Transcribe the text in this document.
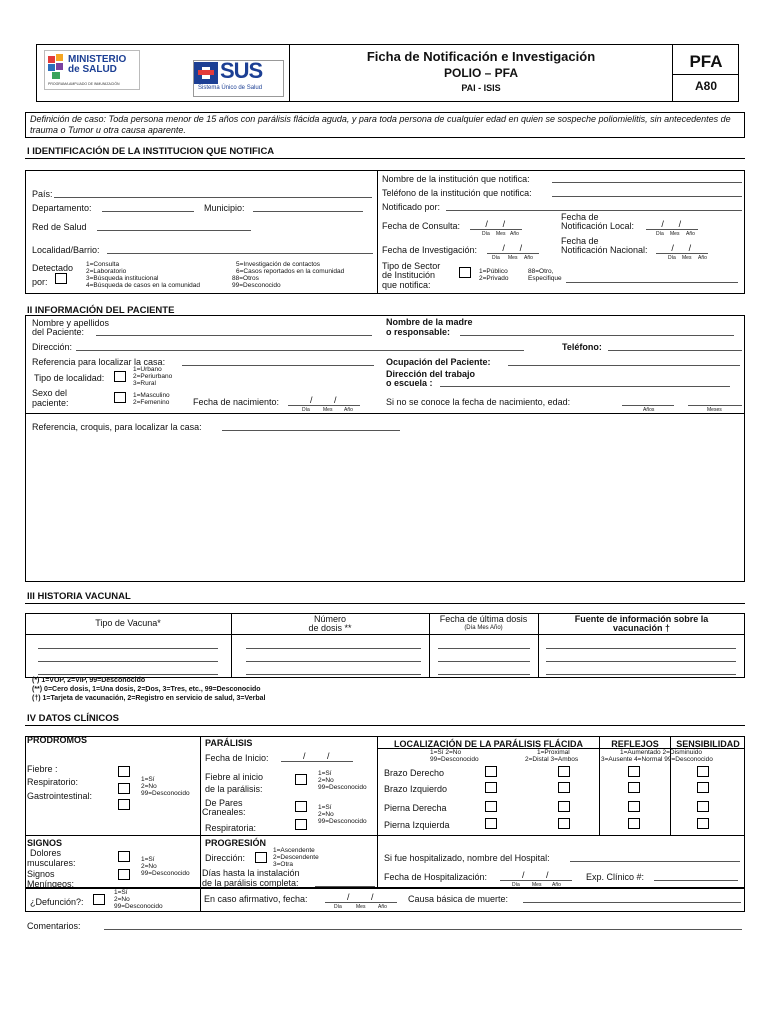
MINISTERIO de SALUD
PROGRAMA AMPLIADO DE INMUNIZACIÓN
SUS
Sistema Único de Salud
Ficha de Notificación e Investigación
POLIO – PFA
PAI - ISIS
PFA
A80
Definición de caso: Toda persona menor de 15 años con parálisis flácida aguda, y para toda persona de cualquier edad en quien se sospeche poliomielitis, sin antecedentes de trauma o Tumor u otra causa aparente.
I IDENTIFICACIÓN DE LA INSTITUCION QUE NOTIFICA
País:
Departamento:	Municipio:
Red de Salud
Localidad/Barrio:
Detectado
por:
1=Consulta
2=Laboratorio
3=Búsqueda institucional
4=Búsqueda de casos en la comunidad
5=Investigación de contactos
6=Casos reportados en la comunidad
88=Otros
99=Desconocido
Nombre de la institución que notifica:
Teléfono de la institución que notifica:
Notificado por:
Fecha de Consulta:
Día Mes Año
Fecha de
Notificación Local:
Día Mes Año
Fecha de Investigación:
Día Mes Año
Fecha de
Notificación Nacional:
Día Mes Año
Tipo de Sector
de Institución
que notifica:
1=Público
2=Privado
88=Otro,
Especifique
II INFORMACIÓN DEL PACIENTE
Nombre y apellidos
del Paciente:
Nombre de la madre
o responsable:
Dirección:	Teléfono:
Referencia para localizar la casa:	Ocupación del Paciente:
Tipo de localidad:
1=Urbano
2=Periurbano
3=Rural
Dirección del trabajo
o escuela :
Sexo del
paciente:
1=Masculino
2=Femenino	Fecha de nacimiento:
Día	Mes Año
Si no se conoce la fecha de nacimiento, edad:
Años	Meses
Referencia, croquis, para localizar la casa:
III HISTORIA VACUNAL
Tipo de Vacuna*	Número
de dosis **
Fecha de última dosis
(Día Mes Año)
Fuente de información sobre la
vacunación †
(*) 1=VOP, 2=VIP, 99=Desconocido
(**) 0=Cero dosis, 1=Una dosis, 2=Dos, 3=Tres, etc., 99=Desconocido
(†) 1=Tarjeta de vacunación, 2=Registro en servicio de salud, 3=Verbal
IV DATOS CLÍNICOS
PRODROMOS
Fiebre :
Respiratorio:
Gastrointestinal:
1=Sí
2=No
99=Desconocido
PARÁLISIS
Fecha de Inicio:
Fiebre al inicio
de la parálisis:
1=Sí
2=No
99=Desconocido
De Pares
Craneales:
Respiratoria:
1=Sí
2=No
99=Desconocido
LOCALIZACIÓN DE LA PARÁLISIS FLÁCIDA
1=Sí 2=No
99=Desconocido
1=Proximal
2=Distal 3=Ambos
REFLEJOS	SENSIBILIDAD
1=Aumentado 2=Disminuido
3=Ausente 4=Normal 99=Desconocido
Brazo Derecho
Brazo Izquierdo
Pierna Derecha
Pierna Izquierda
SIGNOS
Dolores
musculares:
Signos
Meníngeos:
1=Sí
2=No
99=Desconocido
PROGRESIÓN
Dirección:
1=Ascendente
2=Descendente
3=Otra
Días hasta la instalación
de la parálisis completa:
Si fue hospitalizado, nombre del Hospital:
Fecha de Hospitalización:
Día Mes Año
Exp. Clínico #:
¿Defunción?:
1=Sí
2=No
99=Desconocido
En caso afirmativo, fecha:
Día	Mes	Año
Causa básica de muerte:
Comentarios:
/ /	/ /
/ /	/ /
/ /
/ /
/ /
/ /
